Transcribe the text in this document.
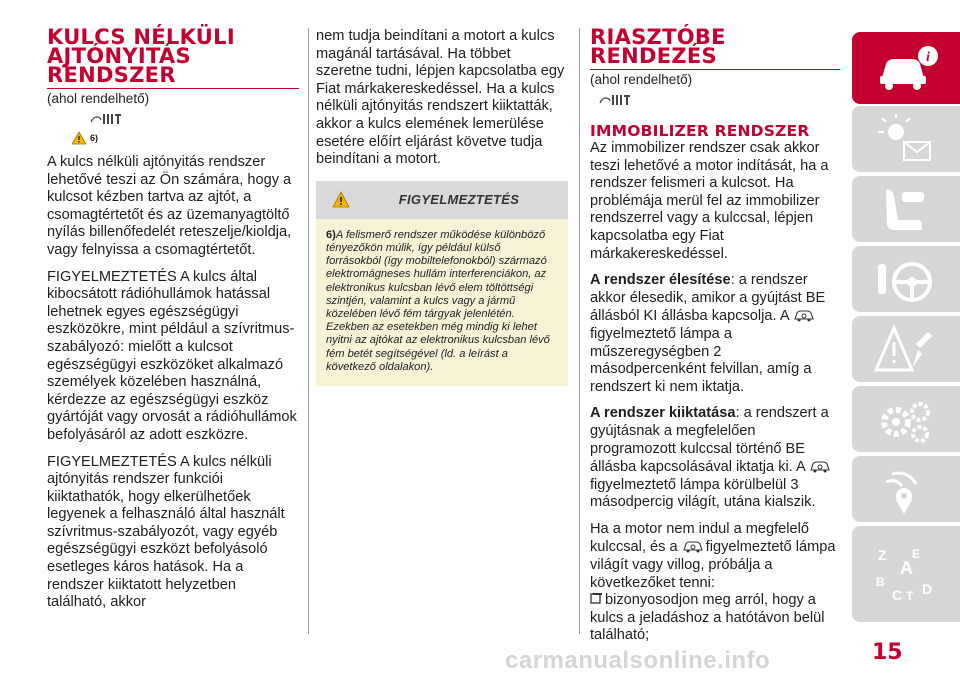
KULCS NÉLKÜLI
AJTÓNYITÁS
RENDSZER
(ahol rendelhető)
6)

A kulcs nélküli ajtónyitás rendszer lehetővé teszi az Ön számára, hogy a kulcsot kézben tartva az ajtót, a csomagtértetőt és az üzemanyagtöltő nyílás billenőfedelét reteszelje/kioldja, vagy felnyissa a csomagtértetőt.

FIGYELMEZTETÉS A kulcs által kibocsátott rádióhullámok hatással lehetnek egyes egészségügyi eszközökre, mint például a szívritmus-szabályozó: mielőtt a kulcsot egészségügyi eszközöket alkalmazó személyek közelében használná, kérdezze az egészségügyi eszköz gyártóját vagy orvosát a rádióhullámok befolyásáról az adott eszközre.

FIGYELMEZTETÉS A kulcs nélküli ajtónyitás rendszer funkciói kiiktathatók, hogy elkerülhetőek legyenek a felhasználó által használt szívritmus-szabályozót, vagy egyéb egészségügyi eszközt befolyásoló esetleges káros hatások. Ha a rendszer kiiktatott helyzetben található, akkor

nem tudja beindítani a motort a kulcs magánál tartásával. Ha többet szeretne tudni, lépjen kapcsolatba egy Fiat márkakereskedéssel. Ha a kulcs nélküli ajtónyitás rendszert kiiktatták, akkor a kulcs elemének lemerülése esetére előírt eljárást követve tudja beindítani a motort.

FIGYELMEZTETÉS
6)A felismerő rendszer működése különböző tényezőkön múlik, így például külső forrásokból (így mobiltelefonokból) származó elektromágneses hullám interferenciákon, az elektronikus kulcsban lévő elem töltöttségi szintjén, valamint a kulcs vagy a jármű közelében lévő fém tárgyak jelenlétén. Ezekben az esetekben még mindig ki lehet nyitni az ajtókat az elektronikus kulcsban lévő fém betét segítségével (ld. a leírást a következő oldalakon).
RIASZTÓBE
RENDEZÉS
(ahol rendelhető)
IMMOBILIZER RENDSZER

Az immobilizer rendszer csak akkor teszi lehetővé a motor indítását, ha a rendszer felismeri a kulcsot. Ha problémája merül fel az immobilizer rendszerrel vagy a kulccsal, lépjen kapcsolatba egy Fiat márkakereskedéssel.

A rendszer élesítése: a rendszer akkor élesedik, amikor a gyújtást BE állásból KI állásba kapcsolja. A figyelmeztető lámpa a műszeregységben 2 másodpercenként felvillan, amíg a rendszert ki nem iktatja.

A rendszer kiiktatása: a rendszert a gyújtásnak a megfelelően programozott kulccsal történő BE állásba kapcsolásával iktatja ki. A figyelmeztető lámpa körülbelül 3 másodpercig világít, utána kialszik.

Ha a motor nem indul a megfelelő kulccsal, és a figyelmeztető lámpa világít vagy villog, próbálja a következőket tenni:

bizonyosodjon meg arról, hogy a kulcs a jeladáshoz a hatótávon belül található;

i
Z E
A
B
C T D
15
carmanualsonline.info
